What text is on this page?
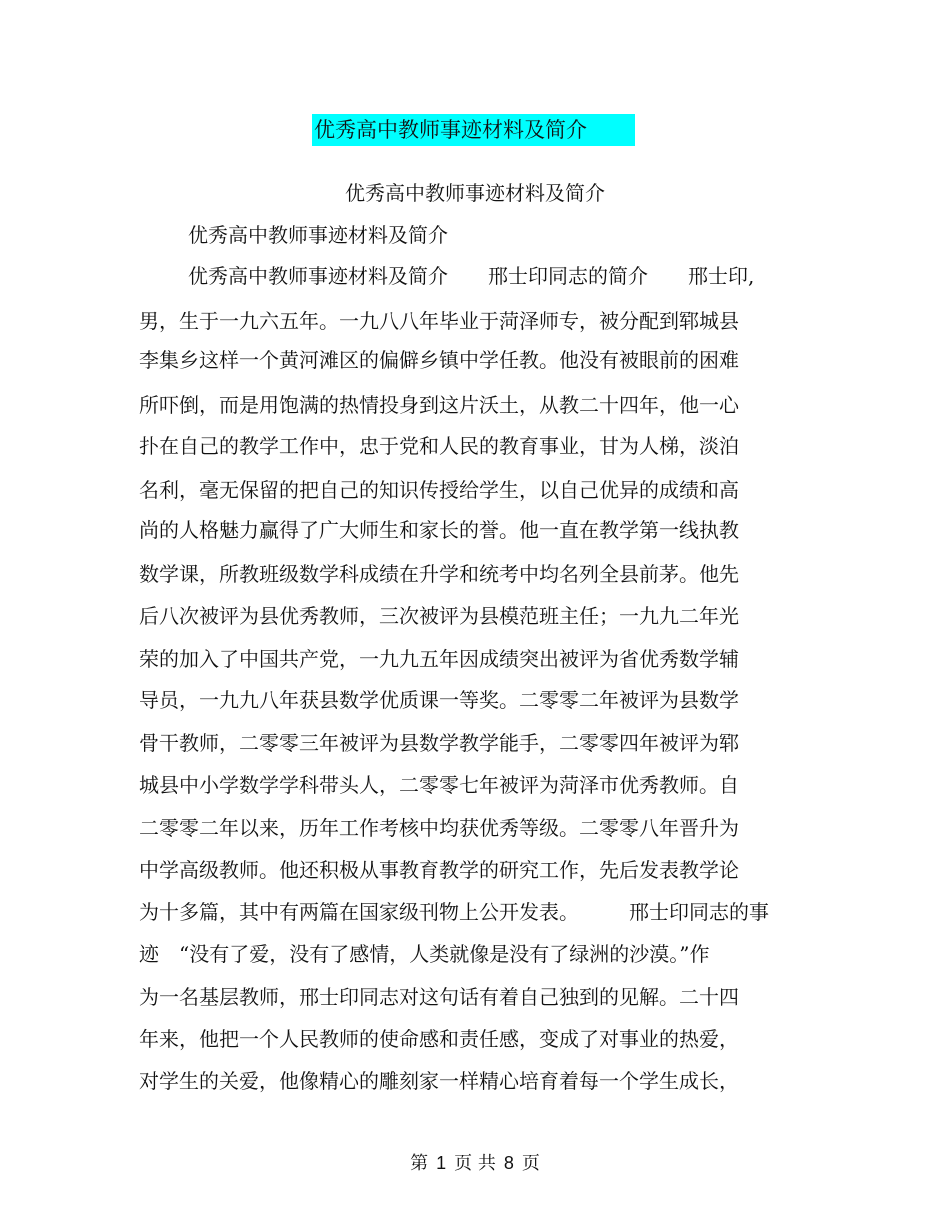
优秀高中教师事迹材料及简介
优秀高中教师事迹材料及简介
优秀高中教师事迹材料及简介
优秀高中教师事迹材料及简介　　邢士印同志的简介　　邢士印,
男，生于一九六五年。一九八八年毕业于菏泽师专，被分配到郓城县
李集乡这样一个黄河滩区的偏僻乡镇中学任教。他没有被眼前的困难
所吓倒，而是用饱满的热情投身到这片沃土，从教二十四年，他一心
扑在自己的教学工作中，忠于党和人民的教育事业，甘为人梯，淡泊
名利，毫无保留的把自己的知识传授给学生，以自己优异的成绩和高
尚的人格魅力赢得了广大师生和家长的誉。他一直在教学第一线执教
数学课，所教班级数学科成绩在升学和统考中均名列全县前茅。他先
后八次被评为县优秀教师，三次被评为县模范班主任；一九九二年光
荣的加入了中国共产党，一九九五年因成绩突出被评为省优秀数学辅
导员，一九九八年获县数学优质课一等奖。二零零二年被评为县数学
骨干教师，二零零三年被评为县数学教学能手，二零零四年被评为郓
城县中小学数学学科带头人，二零零七年被评为菏泽市优秀教师。自
二零零二年以来，历年工作考核中均获优秀等级。二零零八年晋升为
中学高级教师。他还积极从事教育教学的研究工作，先后发表教学论
为十多篇，其中有两篇在国家级刊物上公开发表。　　　邢士印同志的事
迹　“没有了爱，没有了感情，人类就像是没有了绿洲的沙漠。”作
为一名基层教师，邢士印同志对这句话有着自己独到的见解。二十四
年来，他把一个人民教师的使命感和责任感，变成了对事业的热爱，
对学生的关爱，他像精心的雕刻家一样精心培育着每一个学生成长，
第 1 页 共 8 页
